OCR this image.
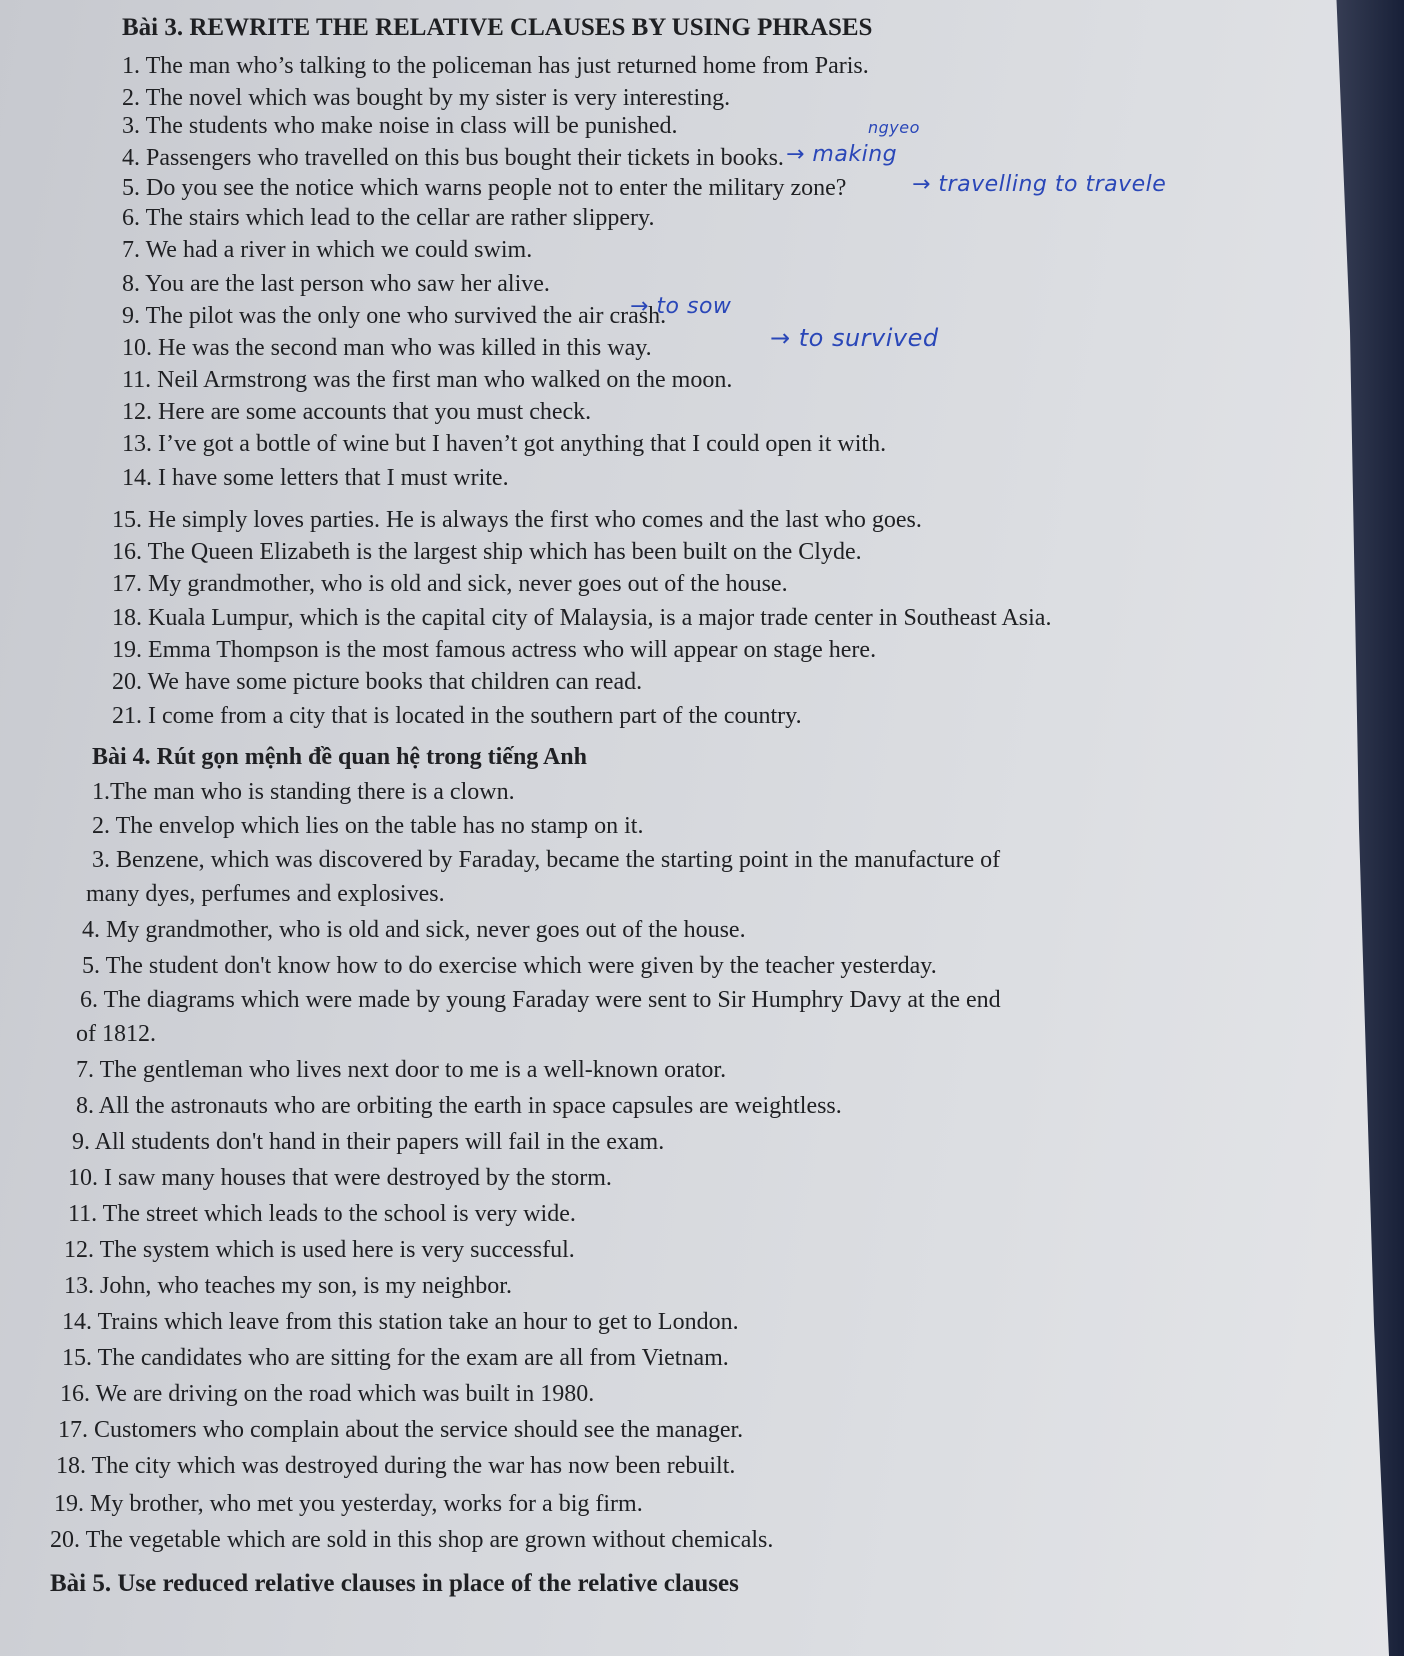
Bài 3. REWRITE THE RELATIVE CLAUSES BY USING PHRASES
1. The man who’s talking to the policeman has just returned home from Paris.
2. The novel which was bought by my sister is very interesting.
3. The students who make noise in class will be punished.
4. Passengers who travelled on this bus bought their tickets in books.
5. Do you see the notice which warns people not to enter the military zone?
6. The stairs which lead to the cellar are rather slippery.
7. We had a river in which we could swim.
8. You are the last person who saw her alive.
9. The pilot was the only one who survived the air crash.
10. He was the second man who was killed in this way.
11. Neil Armstrong was the first man who walked on the moon.
12. Here are some accounts that you must check.
13. I’ve got a bottle of wine but I haven’t got anything that I could open it with.
14. I have some letters that I must write.
15. He simply loves parties. He is always the first who comes and the last who goes.
16. The Queen Elizabeth is the largest ship which has been built on the Clyde.
17. My grandmother, who is old and sick, never goes out of the house.
18. Kuala Lumpur, which is the capital city of Malaysia, is a major trade center in Southeast Asia.
19. Emma Thompson is the most famous actress who will appear on stage here.
20. We have some picture books that children can read.
21. I come from a city that is located in the southern part of the country.
ngyeo
→ making
→ travelling to travele
→ to sow
→ to survived
Bài 4. Rút gọn mệnh đề quan hệ trong tiếng Anh
1.The man who is standing there is a clown.
2. The envelop which lies on the table has no stamp on it.
3. Benzene, which was discovered by Faraday, became the starting point in the manufacture of
many dyes, perfumes and explosives.
4. My grandmother, who is old and sick, never goes out of the house.
5. The student don't know how to do exercise which were given by the teacher yesterday.
6. The diagrams which were made by young Faraday were sent to Sir Humphry Davy at the end
of 1812.
7. The gentleman who lives next door to me is a well-known orator.
8. All the astronauts who are orbiting the earth in space capsules are weightless.
9. All students don't hand in their papers will fail in the exam.
10. I saw many houses that were destroyed by the storm.
11. The street which leads to the school is very wide.
12. The system which is used here is very successful.
13. John, who teaches my son, is my neighbor.
14. Trains which leave from this station take an hour to get to London.
15. The candidates who are sitting for the exam are all from Vietnam.
16. We are driving on the road which was built in 1980.
17. Customers who complain about the service should see the manager.
18. The city which was destroyed during the war has now been rebuilt.
19. My brother, who met you yesterday, works for a big firm.
20. The vegetable which are sold in this shop are grown without chemicals.
Bài 5. Use reduced relative clauses in place of the relative clauses
